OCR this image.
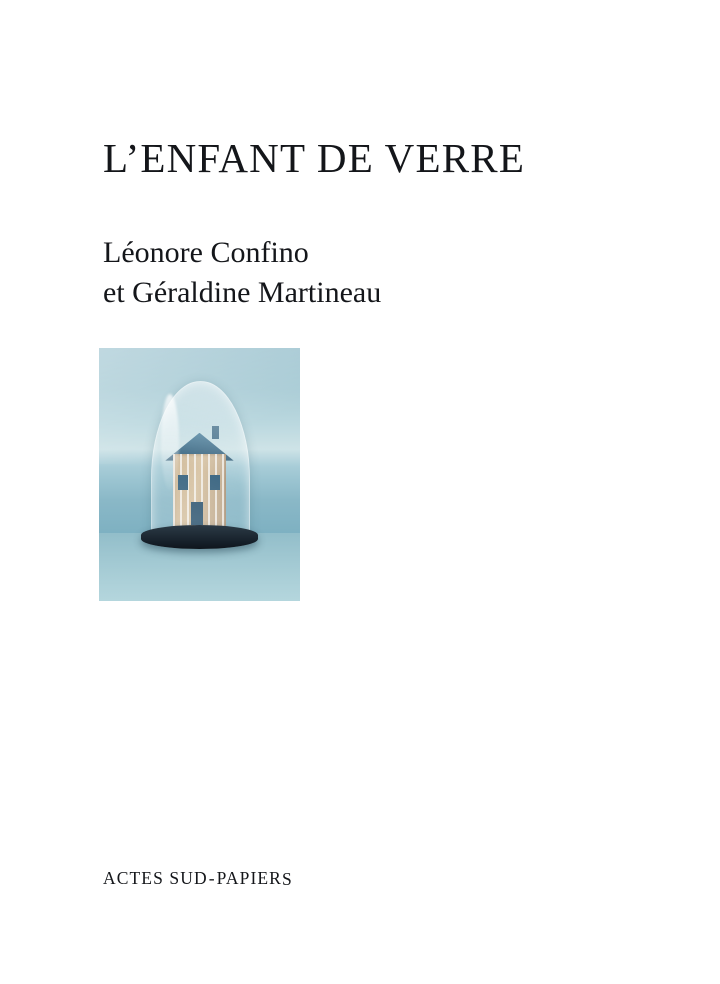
L’ENFANT DE VERRE
Léonore Confino
et Géraldine Martineau
ACTES SUD-PAPIERS
